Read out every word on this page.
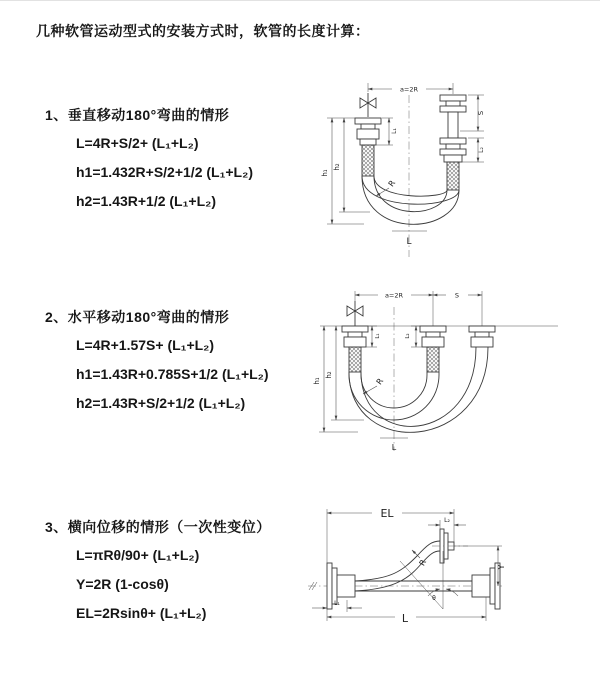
几种软管运动型式的安装方式时，软管的长度计算：
1、垂直移动180°弯曲的情形
L=4R+S/2+ (L₁+L₂)
h1=1.432R+S/2+1/2 (L₁+L₂)
h2=1.43R+1/2 (L₁+L₂)
2、水平移动180°弯曲的情形
L=4R+1.57S+ (L₁+L₂)
h1=1.43R+0.785S+1/2 (L₁+L₂)
h2=1.43R+S/2+1/2 (L₁+L₂)
3、横向位移的情形（一次性变位）
L=πRθ/90+ (L₁+L₂)
Y=2R (1-cosθ)
EL=2Rsinθ+ (L₁+L₂)
a=2R
L₁
S
L₂
h₁
h₂
R
L
a=2R	S
L₁	L₂
h₁
h₂
R
L
EL
L₂
Y
R
θ
L
L₁
